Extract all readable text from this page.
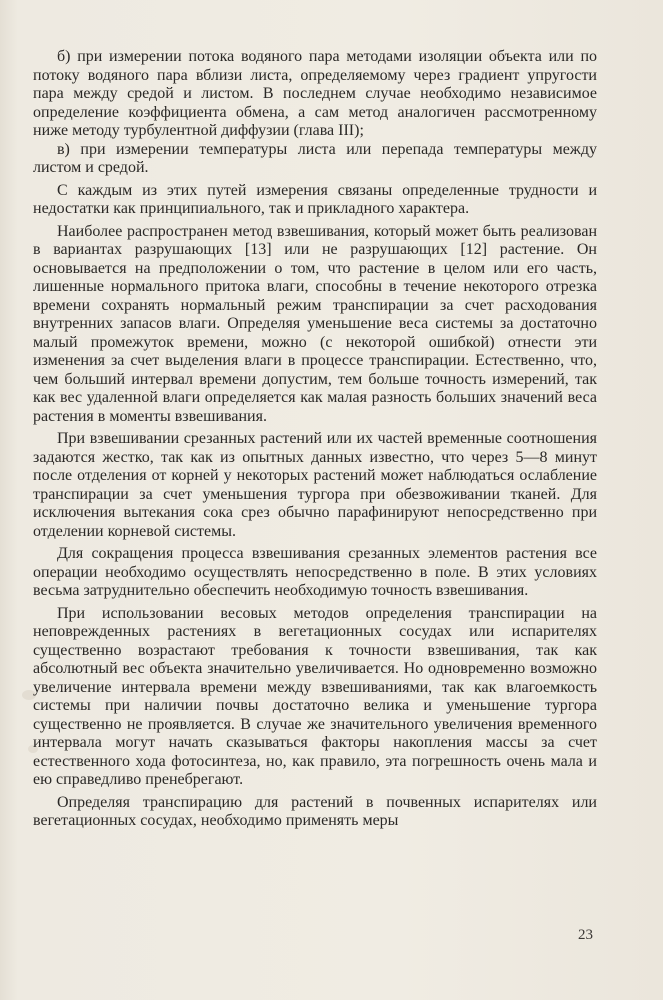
б) при измерении потока водяного пара методами изоляции объекта или по потоку водяного пара вблизи листа, определяемому через градиент упругости пара между средой и листом. В последнем случае необходимо независимое определение коэффициента обмена, а сам метод аналогичен рассмотренному ниже методу турбулентной диффузии (глава III);

в) при измерении температуры листа или перепада температуры между листом и средой.

С каждым из этих путей измерения связаны определенные трудности и недостатки как принципиального, так и прикладного характера.

Наиболее распространен метод взвешивания, который может быть реализован в вариантах разрушающих [13] или не разрушающих [12] растение. Он основывается на предположении о том, что растение в целом или его часть, лишенные нормального притока влаги, способны в течение некоторого отрезка времени сохранять нормальный режим транспирации за счет расходования внутренних запасов влаги. Определяя уменьшение веса системы за достаточно малый промежуток времени, можно (с некоторой ошибкой) отнести эти изменения за счет выделения влаги в процессе транспирации. Естественно, что, чем больший интервал времени допустим, тем больше точность измерений, так как вес удаленной влаги определяется как малая разность больших значений веса растения в моменты взвешивания.

При взвешивании срезанных растений или их частей временные соотношения задаются жестко, так как из опытных данных известно, что через 5—8 минут после отделения от корней у некоторых растений может наблюдаться ослабление транспирации за счет уменьшения тургора при обезвоживании тканей. Для исключения вытекания сока срез обычно парафинируют непосредственно при отделении корневой системы.

Для сокращения процесса взвешивания срезанных элементов растения все операции необходимо осуществлять непосредственно в поле. В этих условиях весьма затруднительно обеспечить необходимую точность взвешивания.

При использовании весовых методов определения транспирации на неповрежденных растениях в вегетационных сосудах или испарителях существенно возрастают требования к точности взвешивания, так как абсолютный вес объекта значительно увеличивается. Но одновременно возможно увеличение интервала времени между взвешиваниями, так как влагоемкость системы при наличии почвы достаточно велика и уменьшение тургора существенно не проявляется. В случае же значительного увеличения временного интервала могут начать сказываться факторы накопления массы за счет естественного хода фотосинтеза, но, как правило, эта погрешность очень мала и ею справедливо пренебрегают.

Определяя транспирацию для растений в почвенных испарителях или вегетационных сосудах, необходимо применять меры

23
